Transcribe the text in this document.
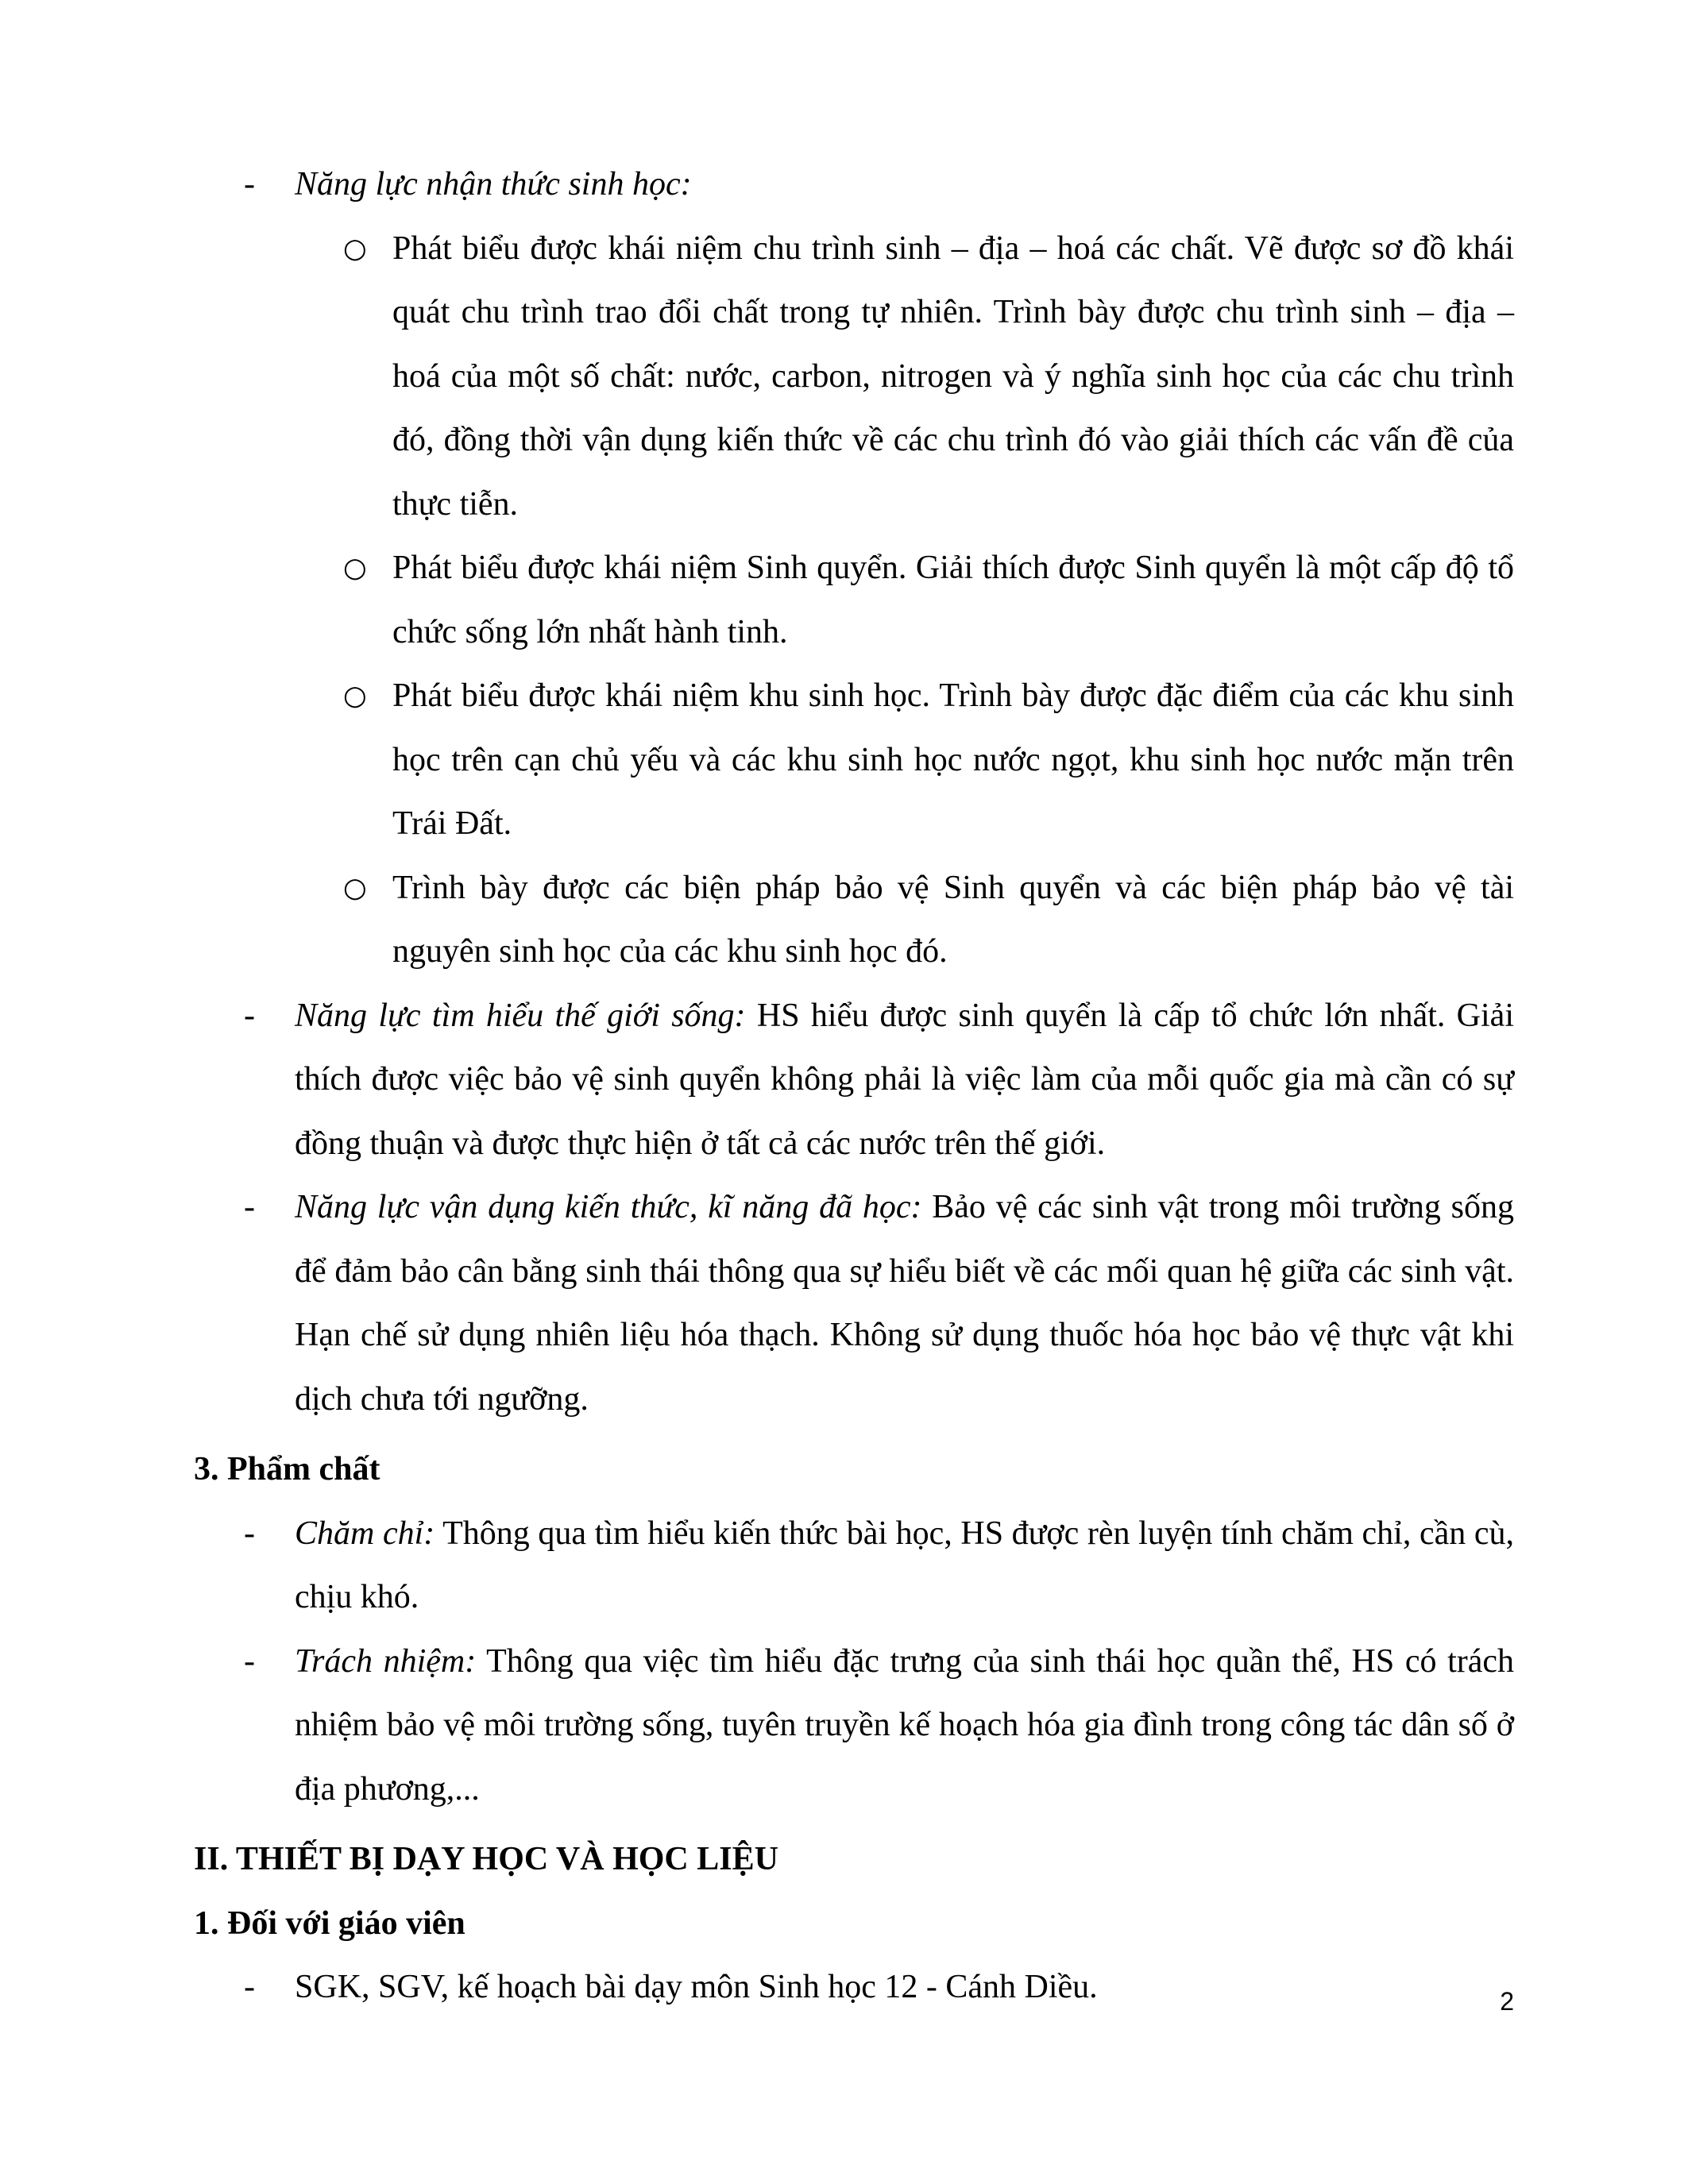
- Năng lực nhận thức sinh học:

○ Phát biểu được khái niệm chu trình sinh – địa – hoá các chất. Vẽ được sơ đồ khái quát chu trình trao đổi chất trong tự nhiên. Trình bày được chu trình sinh – địa – hoá của một số chất: nước, carbon, nitrogen và ý nghĩa sinh học của các chu trình đó, đồng thời vận dụng kiến thức về các chu trình đó vào giải thích các vấn đề của thực tiễn.

○ Phát biểu được khái niệm Sinh quyển. Giải thích được Sinh quyển là một cấp độ tổ chức sống lớn nhất hành tinh.

○ Phát biểu được khái niệm khu sinh học. Trình bày được đặc điểm của các khu sinh học trên cạn chủ yếu và các khu sinh học nước ngọt, khu sinh học nước mặn trên Trái Đất.

○ Trình bày được các biện pháp bảo vệ Sinh quyển và các biện pháp bảo vệ tài nguyên sinh học của các khu sinh học đó.

- Năng lực tìm hiểu thế giới sống: HS hiểu được sinh quyển là cấp tổ chức lớn nhất. Giải thích được việc bảo vệ sinh quyển không phải là việc làm của mỗi quốc gia mà cần có sự đồng thuận và được thực hiện ở tất cả các nước trên thế giới.

- Năng lực vận dụng kiến thức, kĩ năng đã học: Bảo vệ các sinh vật trong môi trường sống để đảm bảo cân bằng sinh thái thông qua sự hiểu biết về các mối quan hệ giữa các sinh vật. Hạn chế sử dụng nhiên liệu hóa thạch. Không sử dụng thuốc hóa học bảo vệ thực vật khi dịch chưa tới ngưỡng.

3. Phẩm chất

- Chăm chỉ: Thông qua tìm hiểu kiến thức bài học, HS được rèn luyện tính chăm chỉ, cần cù, chịu khó.

- Trách nhiệm: Thông qua việc tìm hiểu đặc trưng của sinh thái học quần thể, HS có trách nhiệm bảo vệ môi trường sống, tuyên truyền kế hoạch hóa gia đình trong công tác dân số ở địa phương,...

II. THIẾT BỊ DẠY HỌC VÀ HỌC LIỆU

1. Đối với giáo viên

- SGK, SGV, kế hoạch bài dạy môn Sinh học 12 - Cánh Diều.	2
